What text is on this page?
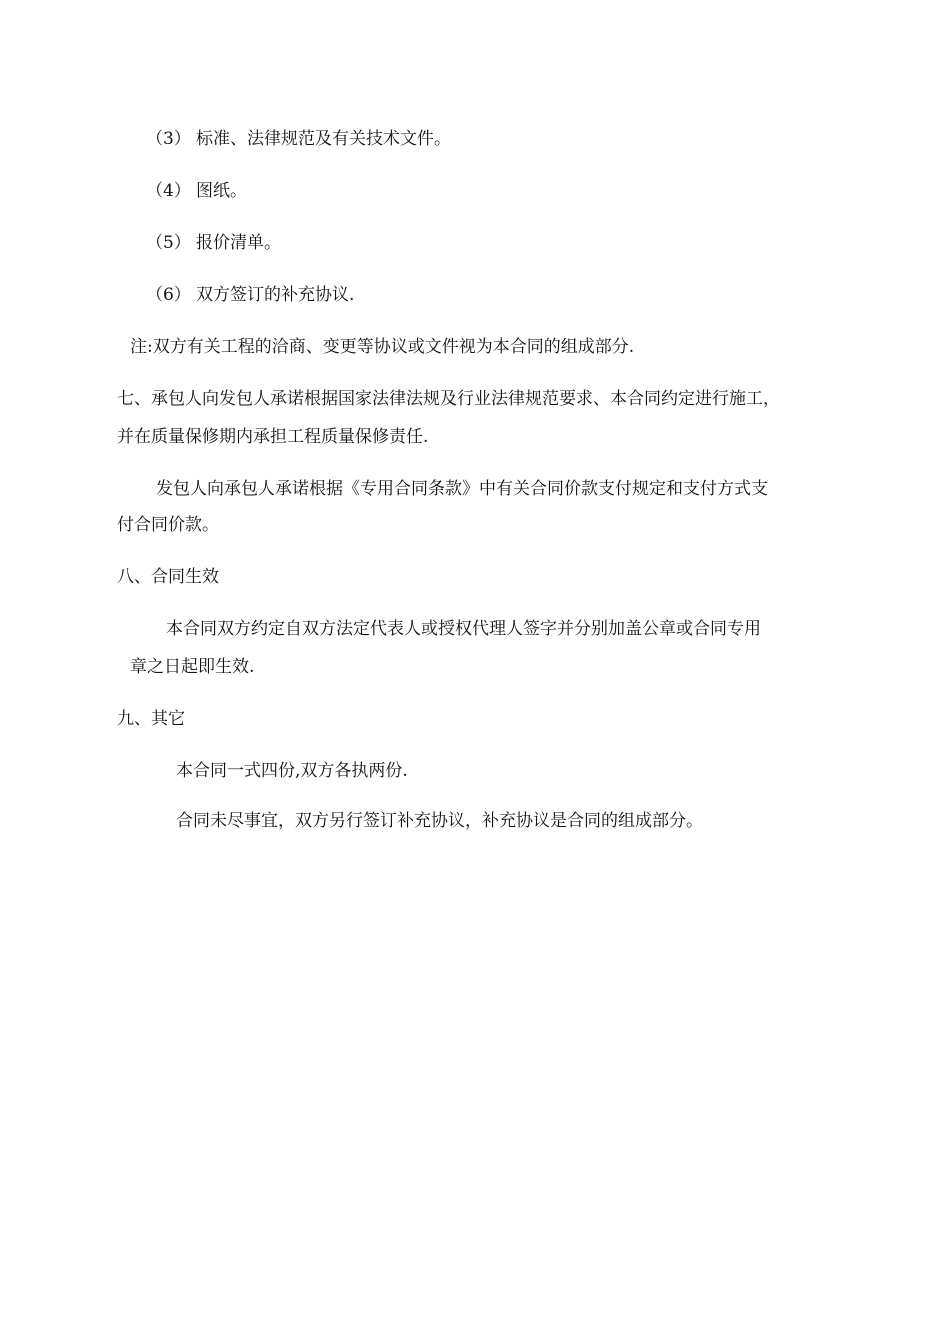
（3） 标准、法律规范及有关技术文件。
（4） 图纸。
（5） 报价清单。
（6） 双方签订的补充协议.
注:双方有关工程的洽商、变更等协议或文件视为本合同的组成部分.
七、承包人向发包人承诺根据国家法律法规及行业法律规范要求、本合同约定进行施工，
并在质量保修期内承担工程质量保修责任.
发包人向承包人承诺根据《专用合同条款》中有关合同价款支付规定和支付方式支
付合同价款。
八、合同生效
本合同双方约定自双方法定代表人或授权代理人签字并分别加盖公章或合同专用
章之日起即生效.
九、其它
本合同一式四份,双方各执两份.
合同未尽事宜，双方另行签订补充协议，补充协议是合同的组成部分。
